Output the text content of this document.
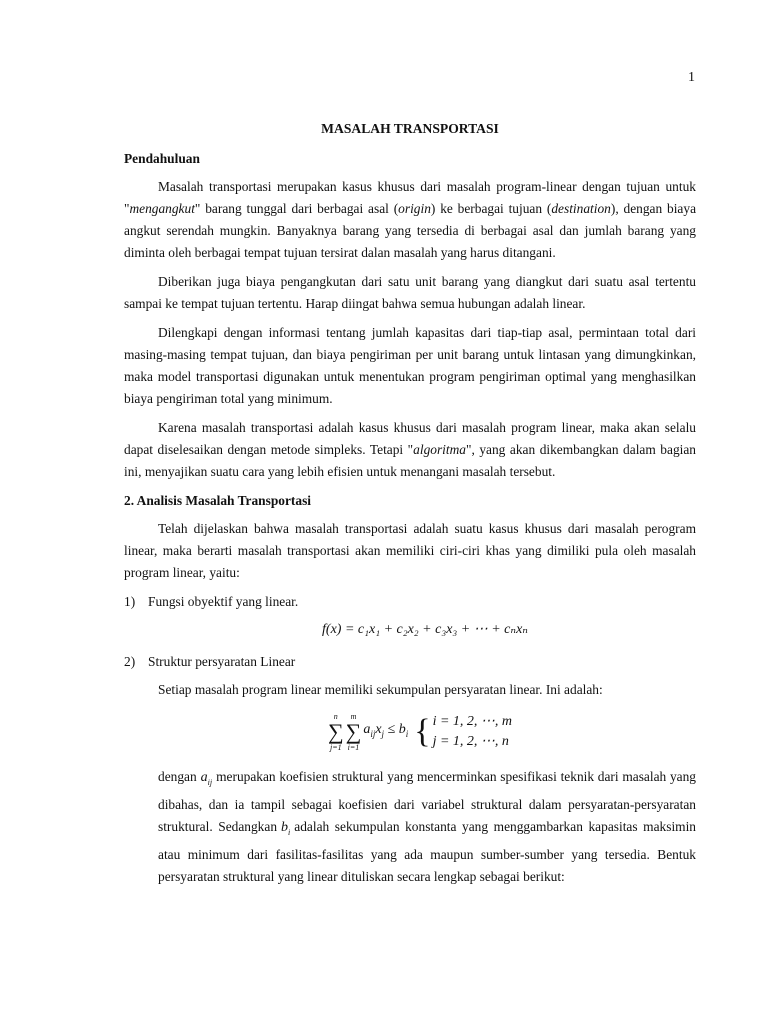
1
MASALAH TRANSPORTASI
Pendahuluan

Masalah transportasi merupakan kasus khusus dari masalah program-linear dengan tujuan untuk "mengangkut" barang tunggal dari berbagai asal (origin) ke berbagai tujuan (destination), dengan biaya angkut serendah mungkin. Banyaknya barang yang tersedia di berbagai asal dan jumlah barang yang diminta oleh berbagai tempat tujuan tersirat dalan masalah yang harus ditangani.

Diberikan juga biaya pengangkutan dari satu unit barang yang diangkut dari suatu asal tertentu sampai ke tempat tujuan tertentu. Harap diingat bahwa semua hubungan adalah linear.

Dilengkapi dengan informasi tentang jumlah kapasitas dari tiap-tiap asal, permintaan total dari masing-masing tempat tujuan, dan biaya pengiriman per unit barang untuk lintasan yang dimungkinkan, maka model transportasi digunakan untuk menentukan program pengiriman optimal yang menghasilkan biaya pengiriman total yang minimum.

Karena masalah transportasi adalah kasus khusus dari masalah program linear, maka akan selalu dapat diselesaikan dengan metode simpleks. Tetapi "algoritma", yang akan dikembangkan dalam bagian ini, menyajikan suatu cara yang lebih efisien untuk menangani masalah tersebut.

2. Analisis Masalah Transportasi

Telah dijelaskan bahwa masalah transportasi adalah suatu kasus khusus dari masalah perogram linear, maka berarti masalah transportasi akan memiliki ciri-ciri khas yang dimiliki pula oleh masalah program linear, yaitu:

1) Fungsi obyektif yang linear.
f(x) = c₁x₁ + c₂x₂ + c₃x₃ + ⋯ + cₙxₙ
2) Struktur persyaratan Linear

Setiap masalah program linear memiliki sekumpulan persyaratan linear. Ini adalah:

n
∑
j=1
m
∑
i=1
$a_{ij}x_j \le b_i$ { i = 1, 2, ⋯, m
j = 1, 2, ⋯, n

dengan $a_{ij}$ merupakan koefisien struktural yang mencerminkan spesifikasi teknik dari masalah yang dibahas, dan ia tampil sebagai koefisien dari variabel struktural dalam persyaratan-persyaratan struktural. Sedangkan $b_i$ adalah sekumpulan konstanta yang menggambarkan kapasitas maksimin atau minimum dari fasilitas-fasilitas yang ada maupun sumber-sumber yang tersedia. Bentuk persyaratan struktural yang linear dituliskan secara lengkap sebagai berikut:
